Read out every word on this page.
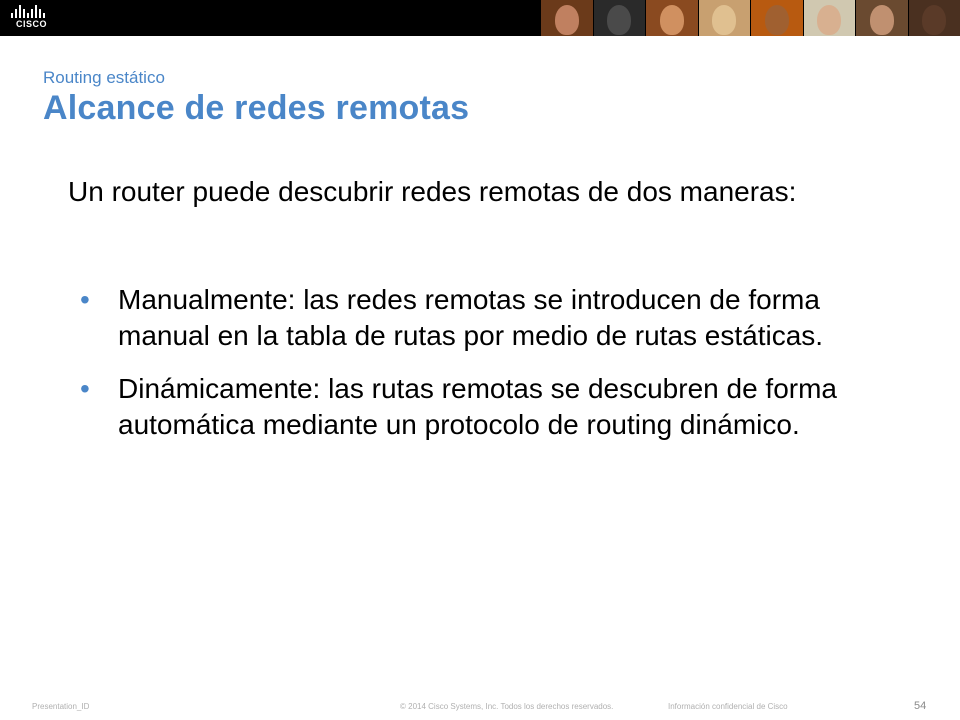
CISCO
Routing estático
Alcance de redes remotas
Un router puede descubrir redes remotas de dos maneras:
• Manualmente: las redes remotas se introducen de forma manual en la tabla de rutas por medio de rutas estáticas.
• Dinámicamente: las rutas remotas se descubren de forma automática mediante un protocolo de routing dinámico.
Presentation_ID	© 2014 Cisco Systems, Inc. Todos los derechos reservados.	Información confidencial de Cisco	54
